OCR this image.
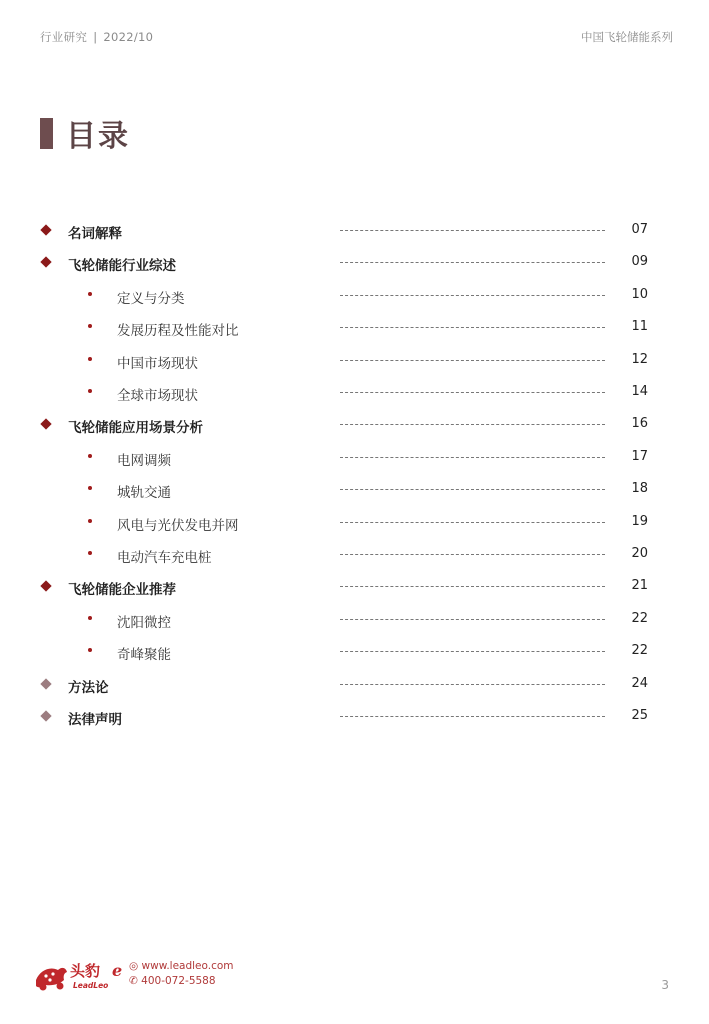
行业研究 | 2022/10	中国飞轮储能系列
目录
名词解释	07
飞轮储能行业综述	09
定义与分类	10
发展历程及性能对比	11
中国市场现状	12
全球市场现状	14
飞轮储能应用场景分析	16
电网调频	17
城轨交通	18
风电与光伏发电并网	19
电动汽车充电桩	20
飞轮储能企业推荐	21
沈阳微控	22
奇峰聚能	22
方法论	24
法律声明	25
头豹
LeadLeo
e ◎ www.leadleo.com
✆ 400-072-5588	3
